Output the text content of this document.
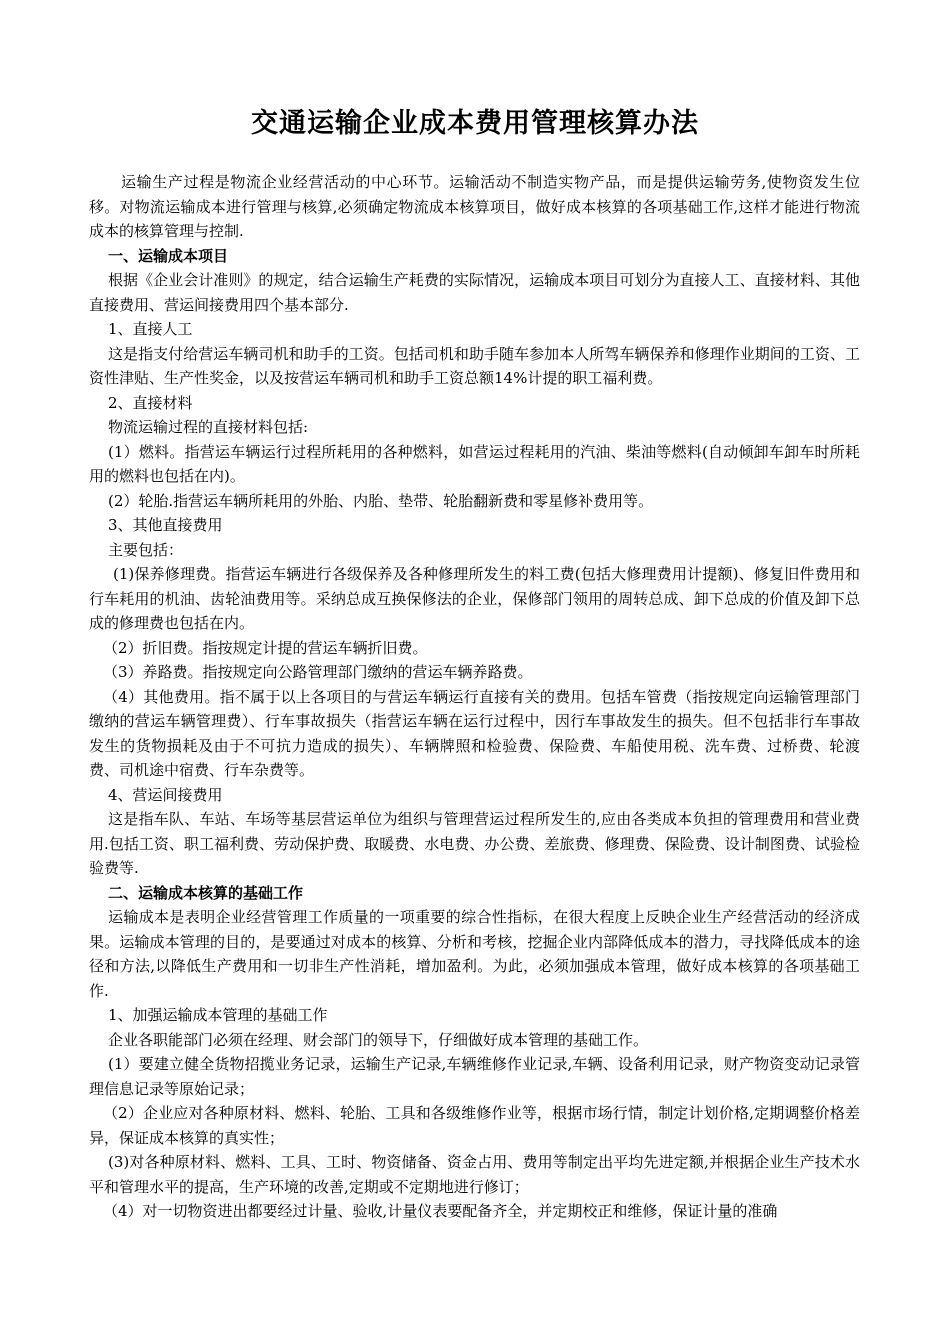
交通运输企业成本费用管理核算办法

运输生产过程是物流企业经营活动的中心环节。运输活动不制造实物产品，而是提供运输劳务,使物资发生位移。对物流运输成本进行管理与核算,必须确定物流成本核算项目，做好成本核算的各项基础工作,这样才能进行物流成本的核算管理与控制.

一、运输成本项目

根据《企业会计准则》的规定，结合运输生产耗费的实际情况，运输成本项目可划分为直接人工、直接材料、其他直接费用、营运间接费用四个基本部分.

1、直接人工

这是指支付给营运车辆司机和助手的工资。包括司机和助手随车参加本人所驾车辆保养和修理作业期间的工资、工资性津贴、生产性奖金，以及按营运车辆司机和助手工资总额14%计提的职工福利费。

2、直接材料

物流运输过程的直接材料包括:

(1）燃料。指营运车辆运行过程所耗用的各种燃料，如营运过程耗用的汽油、柴油等燃料(自动倾卸车卸车时所耗用的燃料也包括在内)。

(2）轮胎.指营运车辆所耗用的外胎、内胎、垫带、轮胎翻新费和零星修补费用等。

3、其他直接费用

主要包括：

(1)保养修理费。指营运车辆进行各级保养及各种修理所发生的料工费(包括大修理费用计提额)、修复旧件费用和行车耗用的机油、齿轮油费用等。采纳总成互换保修法的企业，保修部门领用的周转总成、卸下总成的价值及卸下总成的修理费也包括在内。

（2）折旧费。指按规定计提的营运车辆折旧费。

（3）养路费。指按规定向公路管理部门缴纳的营运车辆养路费。

（4）其他费用。指不属于以上各项目的与营运车辆运行直接有关的费用。包括车管费（指按规定向运输管理部门缴纳的营运车辆管理费）、行车事故损失（指营运车辆在运行过程中，因行车事故发生的损失。但不包括非行车事故发生的货物损耗及由于不可抗力造成的损失）、车辆牌照和检验费、保险费、车船使用税、洗车费、过桥费、轮渡费、司机途中宿费、行车杂费等。

4、营运间接费用

这是指车队、车站、车场等基层营运单位为组织与管理营运过程所发生的,应由各类成本负担的管理费用和营业费用.包括工资、职工福利费、劳动保护费、取暖费、水电费、办公费、差旅费、修理费、保险费、设计制图费、试验检验费等.

二、运输成本核算的基础工作

运输成本是表明企业经营管理工作质量的一项重要的综合性指标，在很大程度上反映企业生产经营活动的经济成果。运输成本管理的目的，是要通过对成本的核算、分析和考核，挖掘企业内部降低成本的潜力，寻找降低成本的途径和方法,以降低生产费用和一切非生产性消耗，增加盈利。为此，必须加强成本管理，做好成本核算的各项基础工作.

1、加强运输成本管理的基础工作

企业各职能部门必须在经理、财会部门的领导下，仔细做好成本管理的基础工作。

(1）要建立健全货物招揽业务记录，运输生产记录,车辆维修作业记录,车辆、设备利用记录，财产物资变动记录管理信息记录等原始记录；

（2）企业应对各种原材料、燃料、轮胎、工具和各级维修作业等，根据市场行情，制定计划价格,定期调整价格差异，保证成本核算的真实性；

(3)对各种原材料、燃料、工具、工时、物资储备、资金占用、费用等制定出平均先进定额,并根据企业生产技术水平和管理水平的提高，生产环境的改善,定期或不定期地进行修订；

（4）对一切物资进出都要经过计量、验收,计量仪表要配备齐全，并定期校正和维修，保证计量的准确
